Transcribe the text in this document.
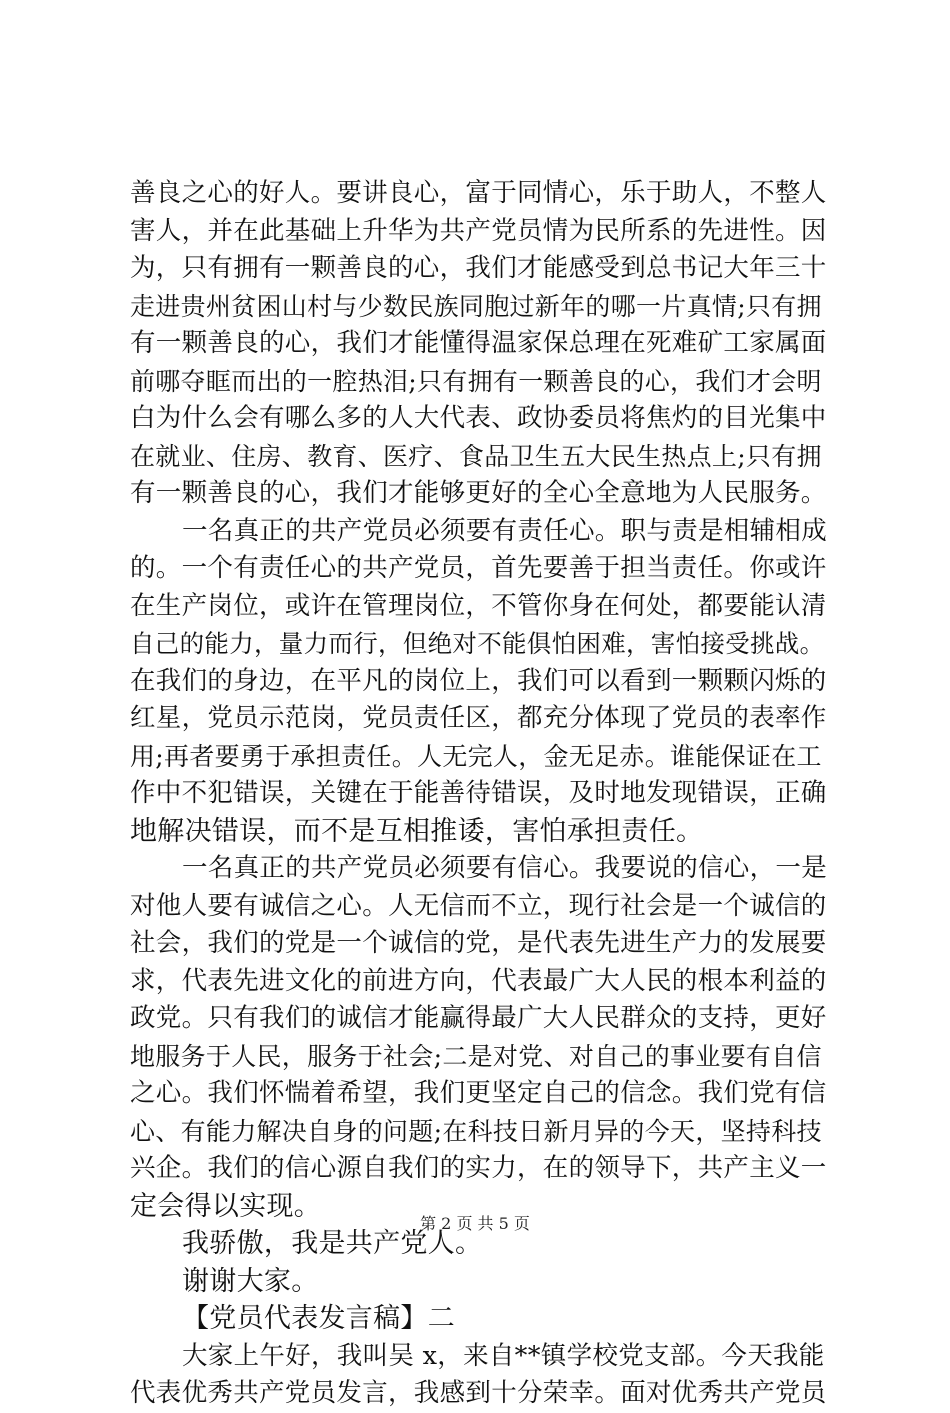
善良之心的好人。要讲良心，富于同情心，乐于助人，不整人
害人，并在此基础上升华为共产党员情为民所系的先进性。因
为，只有拥有一颗善良的心，我们才能感受到总书记大年三十
走进贵州贫困山村与少数民族同胞过新年的哪一片真情;只有拥
有一颗善良的心，我们才能懂得温家保总理在死难矿工家属面
前哪夺眶而出的一腔热泪;只有拥有一颗善良的心，我们才会明
白为什么会有哪么多的人大代表、政协委员将焦灼的目光集中
在就业、住房、教育、医疗、食品卫生五大民生热点上;只有拥
有一颗善良的心，我们才能够更好的全心全意地为人民服务。
一名真正的共产党员必须要有责任心。职与责是相辅相成
的。一个有责任心的共产党员，首先要善于担当责任。你或许
在生产岗位，或许在管理岗位，不管你身在何处，都要能认清
自己的能力，量力而行，但绝对不能俱怕困难，害怕接受挑战。
在我们的身边，在平凡的岗位上，我们可以看到一颗颗闪烁的
红星，党员示范岗，党员责任区，都充分体现了党员的表率作
用;再者要勇于承担责任。人无完人，金无足赤。谁能保证在工
作中不犯错误，关键在于能善待错误，及时地发现错误，正确
地解决错误，而不是互相推诿，害怕承担责任。
一名真正的共产党员必须要有信心。我要说的信心，一是
对他人要有诚信之心。人无信而不立，现行社会是一个诚信的
社会，我们的党是一个诚信的党，是代表先进生产力的发展要
求，代表先进文化的前进方向，代表最广大人民的根本利益的
政党。只有我们的诚信才能赢得最广大人民群众的支持，更好
地服务于人民，服务于社会;二是对党、对自己的事业要有自信
之心。我们怀惴着希望，我们更坚定自己的信念。我们党有信
心、有能力解决自身的问题;在科技日新月异的今天，坚持科技
兴企。我们的信心源自我们的实力，在的领导下，共产主义一
定会得以实现。
我骄傲，我是共产党人。
谢谢大家。
【党员代表发言稿】二
大家上午好，我叫吴 x，来自**镇学校党支部。今天我能
代表优秀共产党员发言，我感到十分荣幸。面对优秀共产党员
第 2 页 共 5 页
